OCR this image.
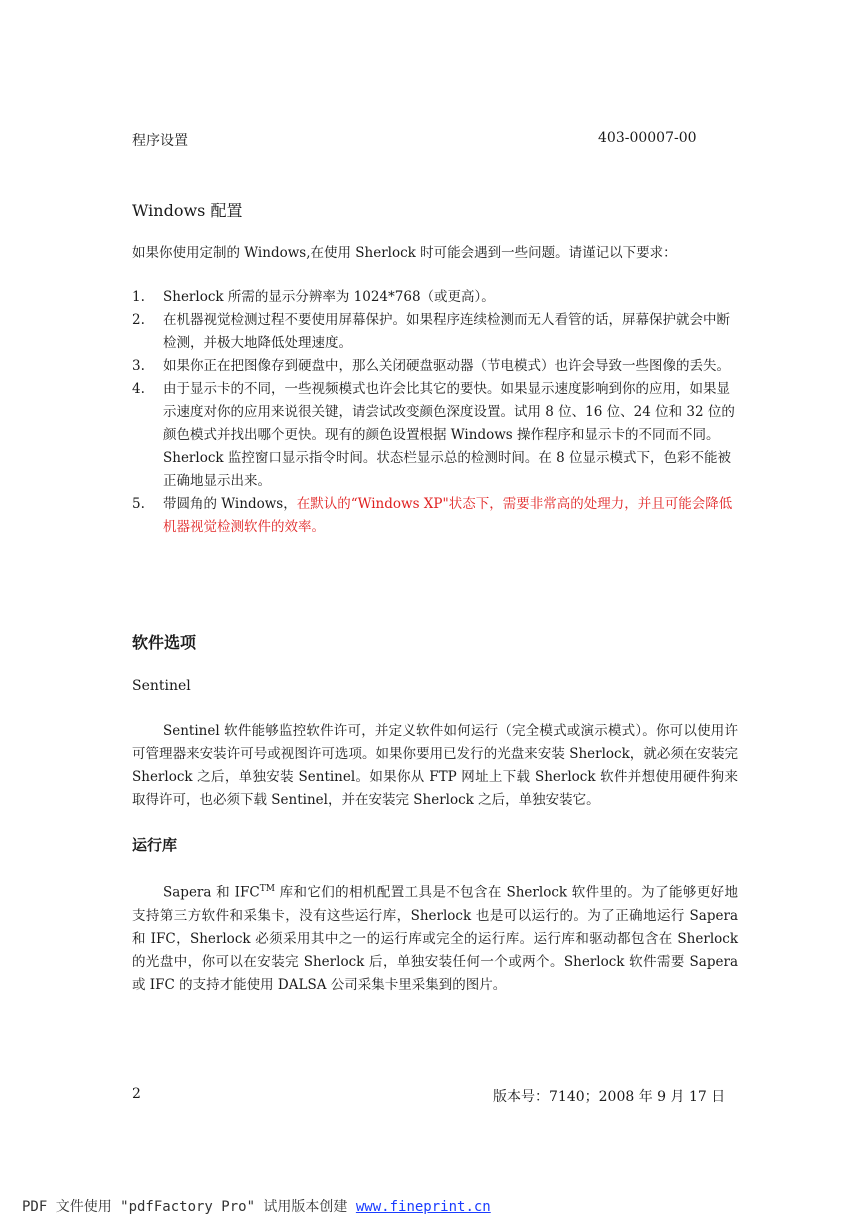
程序设置	403-00007-00
Windows 配置
如果你使用定制的 Windows,在使用 Sherlock 时可能会遇到一些问题。请谨记以下要求：
1. Sherlock 所需的显示分辨率为 1024*768（或更高）。
2. 在机器视觉检测过程不要使用屏幕保护。如果程序连续检测而无人看管的话，屏幕保护就会中断检测，并极大地降低处理速度。
3. 如果你正在把图像存到硬盘中，那么关闭硬盘驱动器（节电模式）也许会导致一些图像的丢失。
4. 由于显示卡的不同，一些视频模式也许会比其它的要快。如果显示速度影响到你的应用，如果显示速度对你的应用来说很关键，请尝试改变颜色深度设置。试用 8 位、16 位、24 位和 32 位的颜色模式并找出哪个更快。现有的颜色设置根据 Windows 操作程序和显示卡的不同而不同。Sherlock 监控窗口显示指令时间。状态栏显示总的检测时间。在 8 位显示模式下，色彩不能被正确地显示出来。
5. 带圆角的 Windows，在默认的“Windows XP"状态下，需要非常高的处理力，并且可能会降低机器视觉检测软件的效率。
软件选项
Sentinel

Sentinel 软件能够监控软件许可，并定义软件如何运行（完全模式或演示模式）。你可以使用许可管理器来安装许可号或视图许可选项。如果你要用已发行的光盘来安装 Sherlock，就必须在安装完 Sherlock 之后，单独安装 Sentinel。如果你从 FTP 网址上下载 Sherlock 软件并想使用硬件狗来取得许可，也必须下载 Sentinel，并在安装完 Sherlock 之后，单独安装它。

运行库

Sapera 和 IFC™ 库和它们的相机配置工具是不包含在 Sherlock 软件里的。为了能够更好地支持第三方软件和采集卡，没有这些运行库，Sherlock 也是可以运行的。为了正确地运行 Sapera 和 IFC，Sherlock 必须采用其中之一的运行库或完全的运行库。运行库和驱动都包含在 Sherlock 的光盘中，你可以在安装完 Sherlock 后，单独安装任何一个或两个。Sherlock 软件需要 Sapera 或 IFC 的支持才能使用 DALSA 公司采集卡里采集到的图片。

2	版本号：7140；2008 年 9 月 17 日
PDF 文件使用 "pdfFactory Pro" 试用版本创建 www.fineprint.cn
